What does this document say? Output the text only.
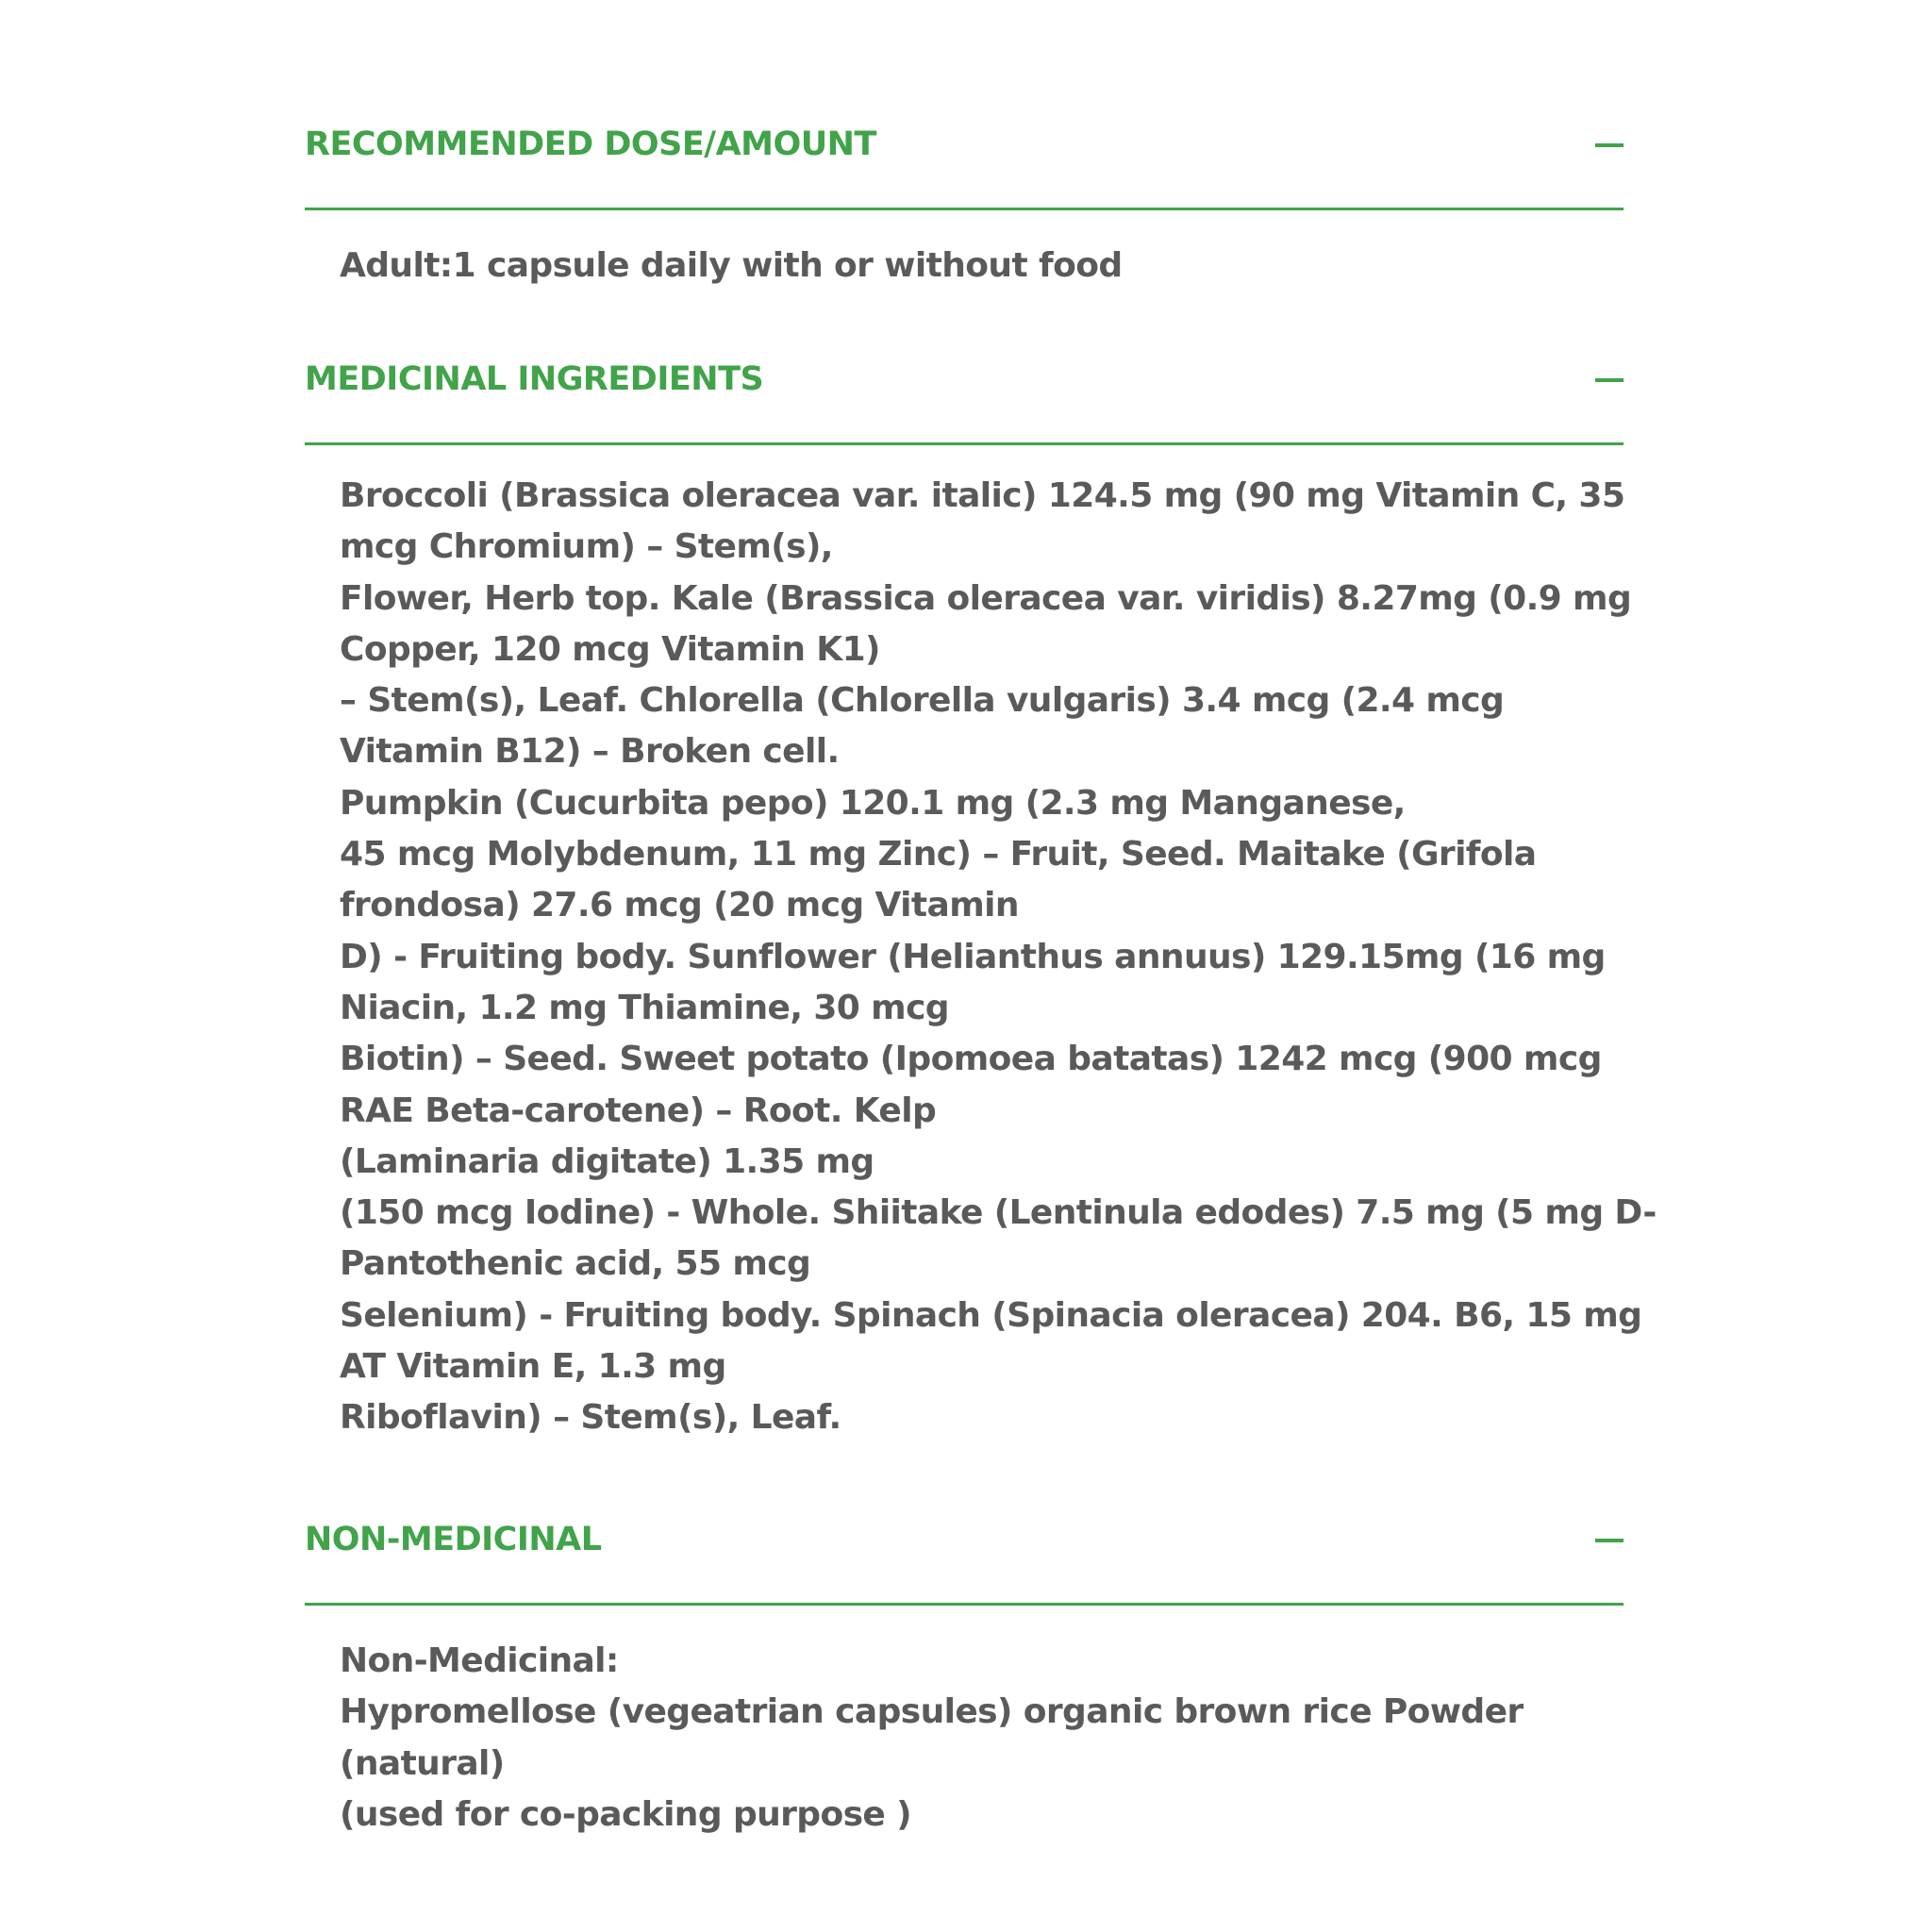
RECOMMENDED DOSE/AMOUNT
Adult:1 capsule daily with or without food
MEDICINAL INGREDIENTS
Broccoli (Brassica oleracea var. italic) 124.5 mg (90 mg Vitamin C, 35
mcg Chromium) – Stem(s),
Flower, Herb top. Kale (Brassica oleracea var. viridis) 8.27mg (0.9 mg
Copper, 120 mcg Vitamin K1)
– Stem(s), Leaf. Chlorella (Chlorella vulgaris) 3.4 mcg (2.4 mcg
Vitamin B12) – Broken cell.
Pumpkin (Cucurbita pepo) 120.1 mg (2.3 mg Manganese,
45 mcg Molybdenum, 11 mg Zinc) – Fruit, Seed. Maitake (Grifola
frondosa) 27.6 mcg (20 mcg Vitamin
D) - Fruiting body. Sunflower (Helianthus annuus) 129.15mg (16 mg
Niacin, 1.2 mg Thiamine, 30 mcg
Biotin) – Seed. Sweet potato (Ipomoea batatas) 1242 mcg (900 mcg
RAE Beta-carotene) – Root. Kelp
(Laminaria digitate) 1.35 mg
(150 mcg Iodine) - Whole. Shiitake (Lentinula edodes) 7.5 mg (5 mg D-
Pantothenic acid, 55 mcg
Selenium) - Fruiting body. Spinach (Spinacia oleracea) 204. B6, 15 mg
AT Vitamin E, 1.3 mg
Riboflavin) – Stem(s), Leaf.
NON-MEDICINAL
Non-Medicinal:
Hypromellose (vegeatrian capsules) organic brown rice Powder
(natural)
(used for co-packing purpose )
